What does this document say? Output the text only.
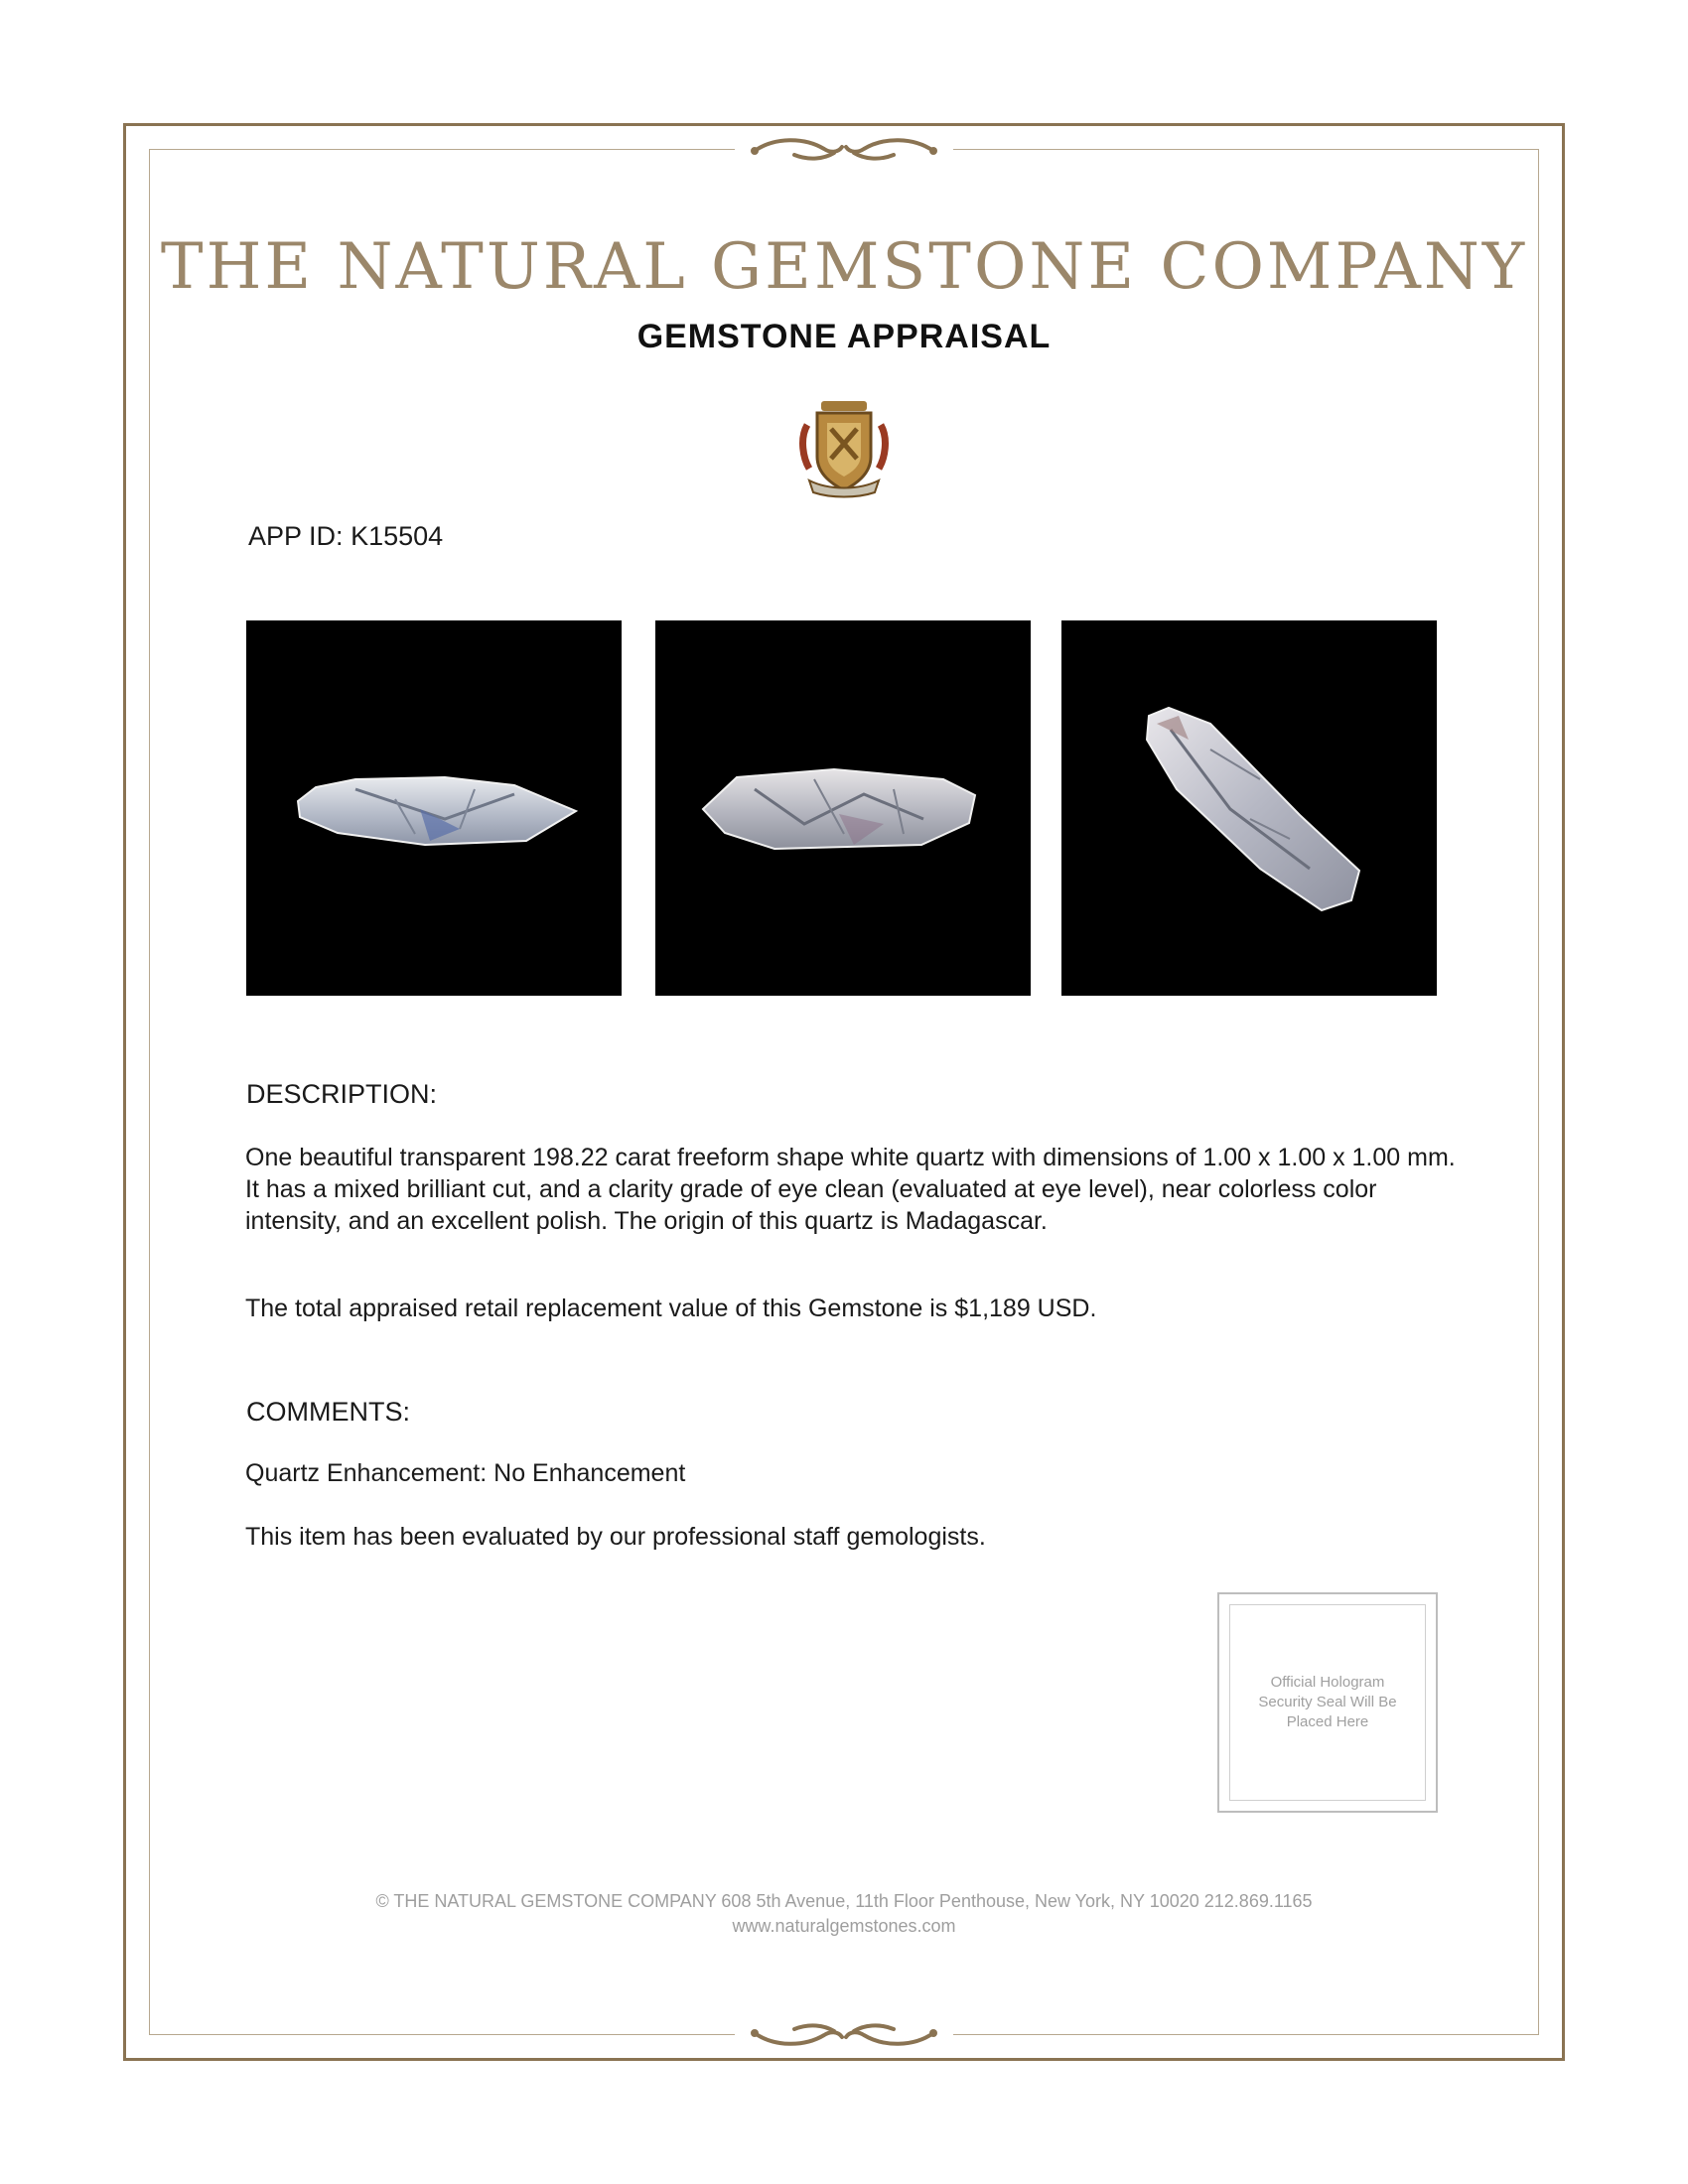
THE NATURAL GEMSTONE COMPANY
GEMSTONE APPRAISAL
APP ID: K15504
DESCRIPTION:

One beautiful transparent 198.22 carat freeform shape white quartz with dimensions of 1.00 x 1.00 x 1.00 mm. It has a mixed brilliant cut, and a clarity grade of eye clean (evaluated at eye level), near colorless color intensity, and an excellent polish. The origin of this quartz is Madagascar.

The total appraised retail replacement value of this Gemstone is $1,189 USD.

COMMENTS:

Quartz Enhancement: No Enhancement

This item has been evaluated by our professional staff gemologists.

Official Hologram Security Seal Will Be Placed Here
© THE NATURAL GEMSTONE COMPANY 608 5th Avenue, 11th Floor Penthouse, New York, NY 10020 212.869.1165
www.naturalgemstones.com
